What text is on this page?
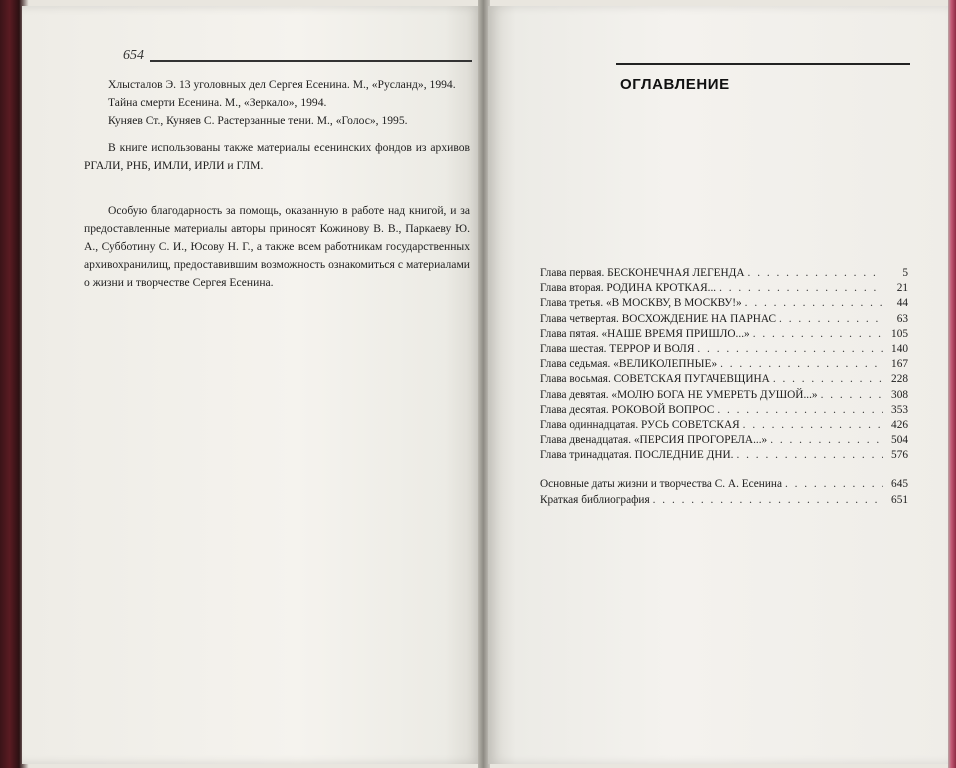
654

Хлысталов Э. 13 уголовных дел Сергея Есенина. М., «Русланд», 1994.

Тайна смерти Есенина. М., «Зеркало», 1994.

Куняев Ст., Куняев С. Растерзанные тени. М., «Голос», 1995.

В книге использованы также материалы есенинских фондов из архивов РГАЛИ, РНБ, ИМЛИ, ИРЛИ и ГЛМ.

Особую благодарность за помощь, оказанную в работе над книгой, и за предоставленные материалы авторы приносят Кожинову В. В., Паркаеву Ю. А., Субботину С. И., Юсову Н. Г., а также всем работникам государственных архивохранилищ, предоставившим возможность ознакомиться с материалами о жизни и творчестве Сергея Есенина.

ОГЛАВЛЕНИЕ
Глава первая. БЕСКОНЕЧНАЯ ЛЕГЕНДА . . .	5
Глава вторая. РОДИНА КРОТКАЯ... . . .	21
Глава третья. «В МОСКВУ, В МОСКВУ!» . . .	44
Глава четвертая. ВОСХОЖДЕНИЕ НА ПАРНАС . . .	63
Глава пятая. «НАШЕ ВРЕМЯ ПРИШЛО...» . . .	105
Глава шестая. ТЕРРОР И ВОЛЯ . . .	140
Глава седьмая. «ВЕЛИКОЛЕПНЫЕ» . . .	167
Глава восьмая. СОВЕТСКАЯ ПУГАЧЕВЩИНА . . .	228
Глава девятая. «МОЛЮ БОГА НЕ УМЕРЕТЬ ДУШОЙ...» . . .	308
Глава десятая. РОКОВОЙ ВОПРОС . . .	353
Глава одиннадцатая. РУСЬ СОВЕТСКАЯ . . .	426
Глава двенадцатая. «ПЕРСИЯ ПРОГОРЕЛА...» . . .	504
Глава тринадцатая. ПОСЛЕДНИЕ ДНИ. . . .	576
Основные даты жизни и творчества С. А. Есенина . . .	645
Краткая библиография . . .	651
